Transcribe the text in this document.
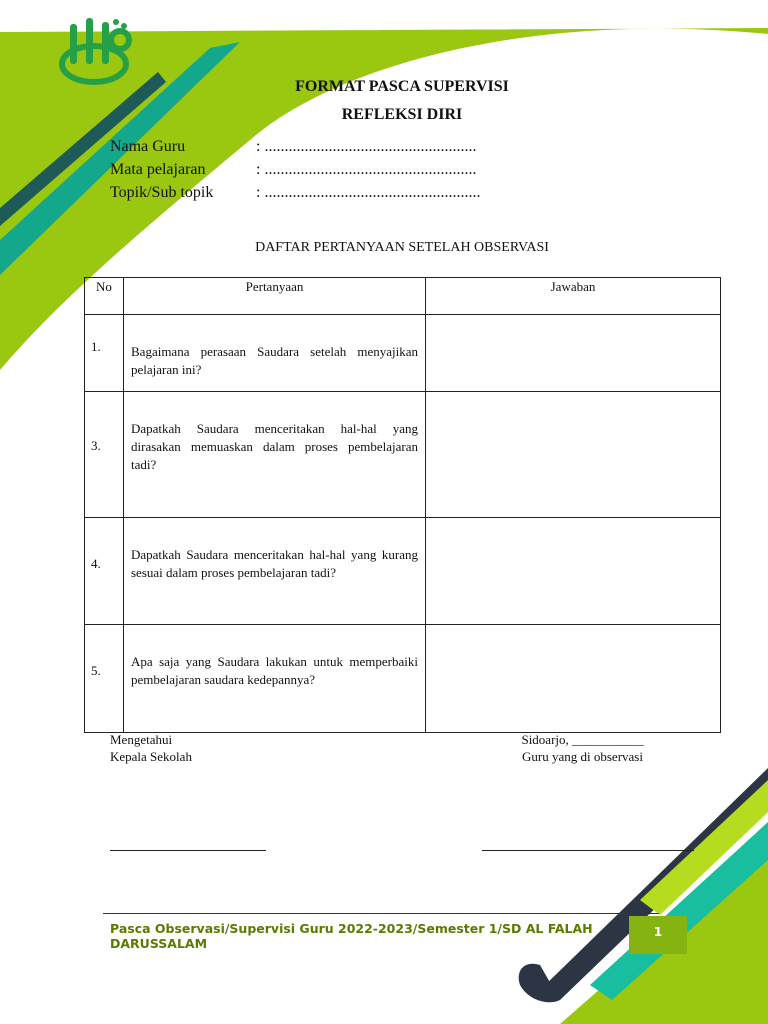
FORMAT PASCA SUPERVISI
REFLEKSI DIRI
Nama Guru	: .....................................................
Mata pelajaran	: .....................................................
Topik/Sub topik	: ......................................................
DAFTAR PERTANYAAN SETELAH OBSERVASI
No	Pertanyaan	Jawaban

1.	Bagaimana perasaan Saudara setelah menyajikan pelajaran ini?	

3.	Dapatkah Saudara menceritakan hal-hal yang dirasakan memuaskan dalam proses pembelajaran tadi?	

4.	Dapatkah Saudara menceritakan hal-hal yang kurang sesuai dalam proses pembelajaran tadi?	

5.	Apa saja yang Saudara lakukan untuk memperbaiki pembelajaran saudara kedepannya?	

Mengetahui
Kepala Sekolah
Sidoarjo, ___________
Guru yang di observasi
1
Pasca Observasi/Supervisi Guru 2022-2023/Semester 1/SD AL FALAH DARUSSALAM
